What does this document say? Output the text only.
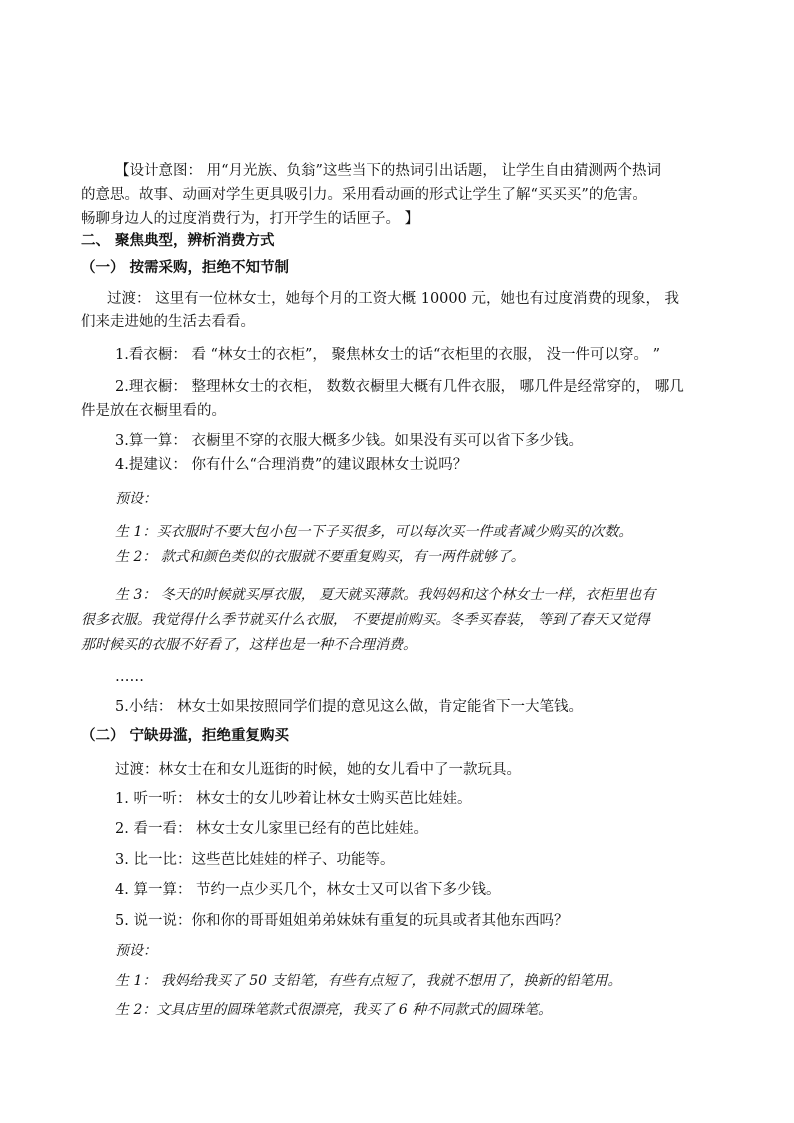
【设计意图： 用“月光族、负翁”这些当下的热词引出话题， 让学生自由猜测两个热词
的意思。故事、动画对学生更具吸引力。采用看动画的形式让学生了解“买买买”的危害。
畅聊身边人的过度消费行为，打开学生的话匣子。 】
二、 聚焦典型，辨析消费方式
（一） 按需采购，拒绝不知节制
过渡： 这里有一位林女士，她每个月的工资大概 10000 元，她也有过度消费的现象， 我
们来走进她的生活去看看。
1.看衣橱： 看 “林女士的衣柜”， 聚焦林女士的话“衣柜里的衣服， 没一件可以穿。 ”
2.理衣橱： 整理林女士的衣柜， 数数衣橱里大概有几件衣服， 哪几件是经常穿的， 哪几
件是放在衣橱里看的。
3.算一算： 衣橱里不穿的衣服大概多少钱。如果没有买可以省下多少钱。
4.提建议： 你有什么“合理消费”的建议跟林女士说吗？
预设：
生 1：买衣服时不要大包小包一下子买很多，可以每次买一件或者减少购买的次数。
生 2： 款式和颜色类似的衣服就不要重复购买，有一两件就够了。
生 3： 冬天的时候就买厚衣服， 夏天就买薄款。我妈妈和这个林女士一样，衣柜里也有
很多衣服。我觉得什么季节就买什么衣服， 不要提前购买。冬季买春装， 等到了春天又觉得
那时候买的衣服不好看了，这样也是一种不合理消费。
……
5.小结： 林女士如果按照同学们提的意见这么做，肯定能省下一大笔钱。
（二） 宁缺毋滥，拒绝重复购买
过渡：林女士在和女儿逛街的时候，她的女儿看中了一款玩具。
1. 听一听： 林女士的女儿吵着让林女士购买芭比娃娃。
2. 看一看： 林女士女儿家里已经有的芭比娃娃。
3. 比一比：这些芭比娃娃的样子、功能等。
4. 算一算： 节约一点少买几个，林女士又可以省下多少钱。
5. 说一说：你和你的哥哥姐姐弟弟妹妹有重复的玩具或者其他东西吗？
预设：
生 1： 我妈给我买了 50 支铅笔，有些有点短了，我就不想用了，换新的铅笔用。
生 2：文具店里的圆珠笔款式很漂亮，我买了 6 种不同款式的圆珠笔。
